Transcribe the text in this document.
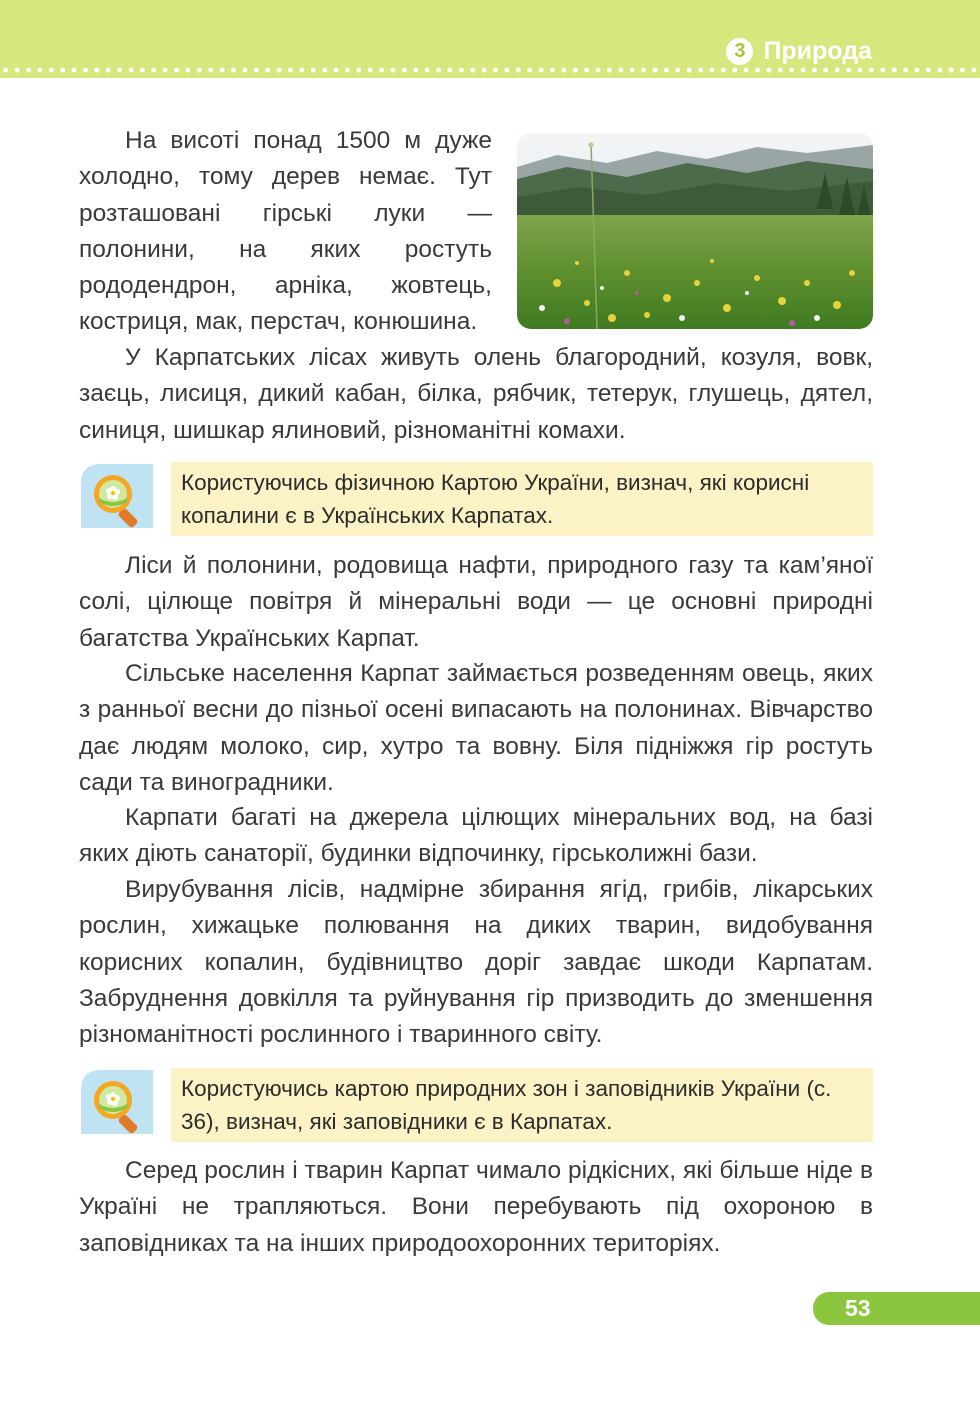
3 Природа

На висоті понад 1500 м дуже холодно, тому дерев немає. Тут розташовані гірські луки — полонини, на яких ростуть рододендрон, арніка, жовтець, костриця, мак, перстач, конюшина.

У Карпатських лісах живуть олень благородний, козуля, вовк, заєць, лисиця, дикий кабан, білка, рябчик, тетерук, глушець, дятел, синиця, шишкар ялиновий, різноманітні комахи.

Користуючись фізичною Картою України, визнач, які корисні копалини є в Українських Карпатах.

Ліси й полонини, родовища нафти, природного газу та кам’яної солі, цілюще повітря й мінеральні води — це основні природні багатства Українських Карпат.

Сільське населення Карпат займається розведенням овець, яких з ранньої весни до пізньої осені випасають на полонинах. Вівчарство дає людям молоко, сир, хутро та вовну. Біля підніжжя гір ростуть сади та виноградники.

Карпати багаті на джерела цілющих мінеральних вод, на базі яких діють санаторії, будинки відпочинку, гірськолижні бази.

Вирубування лісів, надмірне збирання ягід, грибів, лікарських рослин, хижацьке полювання на диких тварин, видобування корисних копалин, будівництво доріг завдає шкоди Карпатам. Забруднення довкілля та руйнування гір призводить до зменшення різноманітності рослинного і тваринного світу.

Користуючись картою природних зон і заповідників України (с. 36), визнач, які заповідники є в Карпатах.

Серед рослин і тварин Карпат чимало рідкісних, які більше ніде в Україні не трапляються. Вони перебувають під охороною в заповідниках та на інших природоохоронних територіях.

53
